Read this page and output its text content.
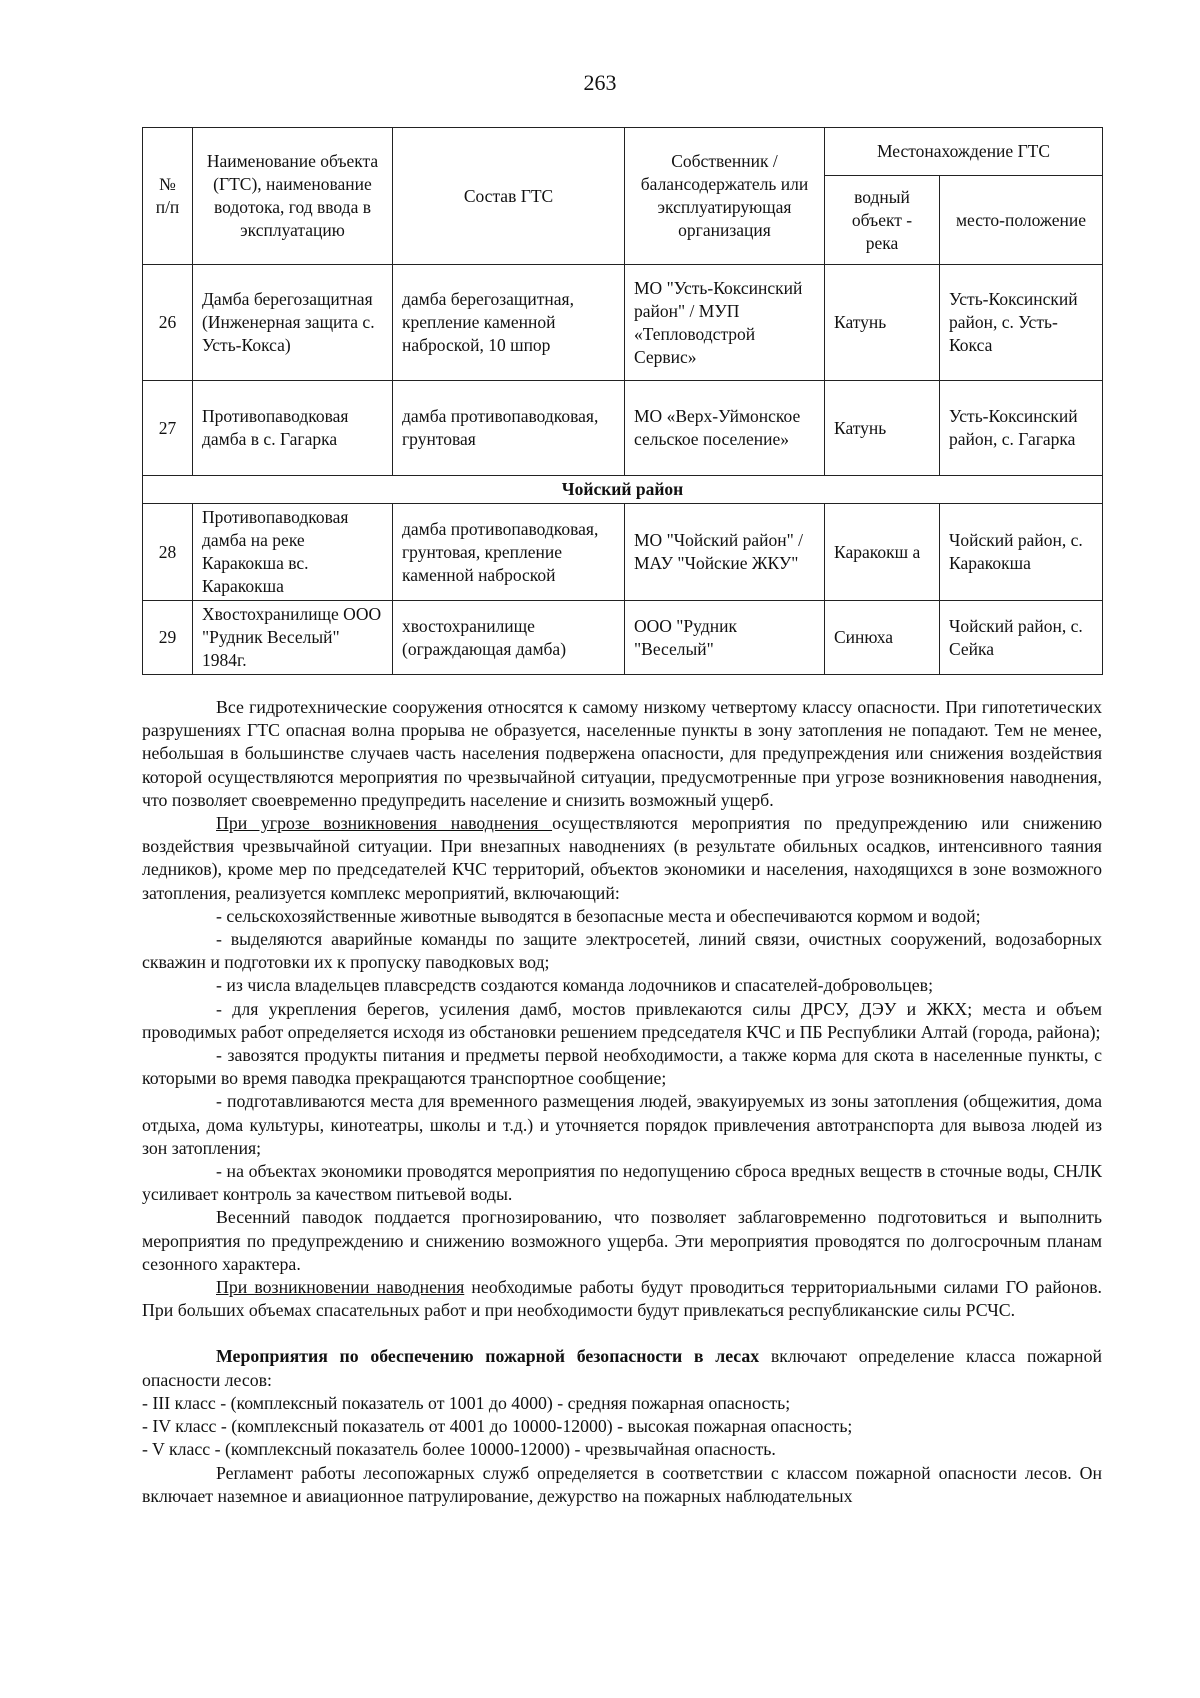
263
№ п/п	Наименование объекта (ГТС), наименование водотока, год ввода в эксплуатацию	Состав ГТС	Собственник / балансодержатель или эксплуатирующая организация	Местонахождение ГТС	
				водный объект - река	место-положение
26	Дамба берегозащитная (Инженерная защита с. Усть-Кокса)	дамба берегозащитная, крепление каменной наброской, 10 шпор	МО "Усть-Коксинский район" / МУП «Тепловодстрой Сервис»	Катунь	Усть-Коксинский район, с. Усть-Кокса
27	Противопаводковая дамба в с. Гагарка	дамба противопаводковая, грунтовая	МО «Верх-Уймонское сельское поселение»	Катунь	Усть-Коксинский район, с. Гагарка
Чойский район					
28	Противопаводковая дамба на реке Каракокша вс. Каракокша	дамба противопаводковая, грунтовая, крепление каменной наброской	МО "Чойский район" / МАУ "Чойские ЖКУ"	Каракокш а	Чойский район, с. Каракокша
29	Хвостохранилище ООО "Рудник Веселый" 1984г.	хвостохранилище (ограждающая дамба)	ООО "Рудник "Веселый"	Синюха	Чойский район, с. Сейка

Все гидротехнические сооружения относятся к самому низкому четвертому классу опасности. При гипотетических разрушениях ГТС опасная волна прорыва не образуется, населенные пункты в зону затопления не попадают. Тем не менее, небольшая в большинстве случаев часть населения подвержена опасности, для предупреждения или снижения воздействия которой осуществляются мероприятия по чрезвычайной ситуации, предусмотренные при угрозе возникновения наводнения, что позволяет своевременно предупредить население и снизить возможный ущерб.

При угрозе возникновения наводнения осуществляются мероприятия по предупреждению или снижению воздействия чрезвычайной ситуации. При внезапных наводнениях (в результате обильных осадков, интенсивного таяния ледников), кроме мер по председателей КЧС территорий, объектов экономики и населения, находящихся в зоне возможного затопления, реализуется комплекс мероприятий, включающий:

- сельскохозяйственные животные выводятся в безопасные места и обеспечиваются кормом и водой;

- выделяются аварийные команды по защите электросетей, линий связи, очистных сооружений, водозаборных скважин и подготовки их к пропуску паводковых вод;

- из числа владельцев плавсредств создаются команда лодочников и спасателей-добровольцев;

- для укрепления берегов, усиления дамб, мостов привлекаются силы ДРСУ, ДЭУ и ЖКХ; места и объем проводимых работ определяется исходя из обстановки решением председателя КЧС и ПБ Республики Алтай (города, района);

- завозятся продукты питания и предметы первой необходимости, а также корма для скота в населенные пункты, с которыми во время паводка прекращаются транспортное сообщение;

- подготавливаются места для временного размещения людей, эвакуируемых из зоны затопления (общежития, дома отдыха, дома культуры, кинотеатры, школы и т.д.) и уточняется порядок привлечения автотранспорта для вывоза людей из зон затопления;

- на объектах экономики проводятся мероприятия по недопущению сброса вредных веществ в сточные воды, СНЛК усиливает контроль за качеством питьевой воды.

Весенний паводок поддается прогнозированию, что позволяет заблаговременно подготовиться и выполнить мероприятия по предупреждению и снижению возможного ущерба. Эти мероприятия проводятся по долгосрочным планам сезонного характера.

При возникновении наводнения необходимые работы будут проводиться территориальными силами ГО районов. При больших объемах спасательных работ и при необходимости будут привлекаться республиканские силы РСЧС.

Мероприятия по обеспечению пожарной безопасности в лесах включают определение класса пожарной опасности лесов:

- III класс - (комплексный показатель от 1001 до 4000) - средняя пожарная опасность;

- IV класс - (комплексный показатель от 4001 до 10000-12000) - высокая пожарная опасность;

- V класс - (комплексный показатель более 10000-12000) - чрезвычайная опасность.

Регламент работы лесопожарных служб определяется в соответствии с классом пожарной опасности лесов. Он включает наземное и авиационное патрулирование, дежурство на пожарных наблюдательных
